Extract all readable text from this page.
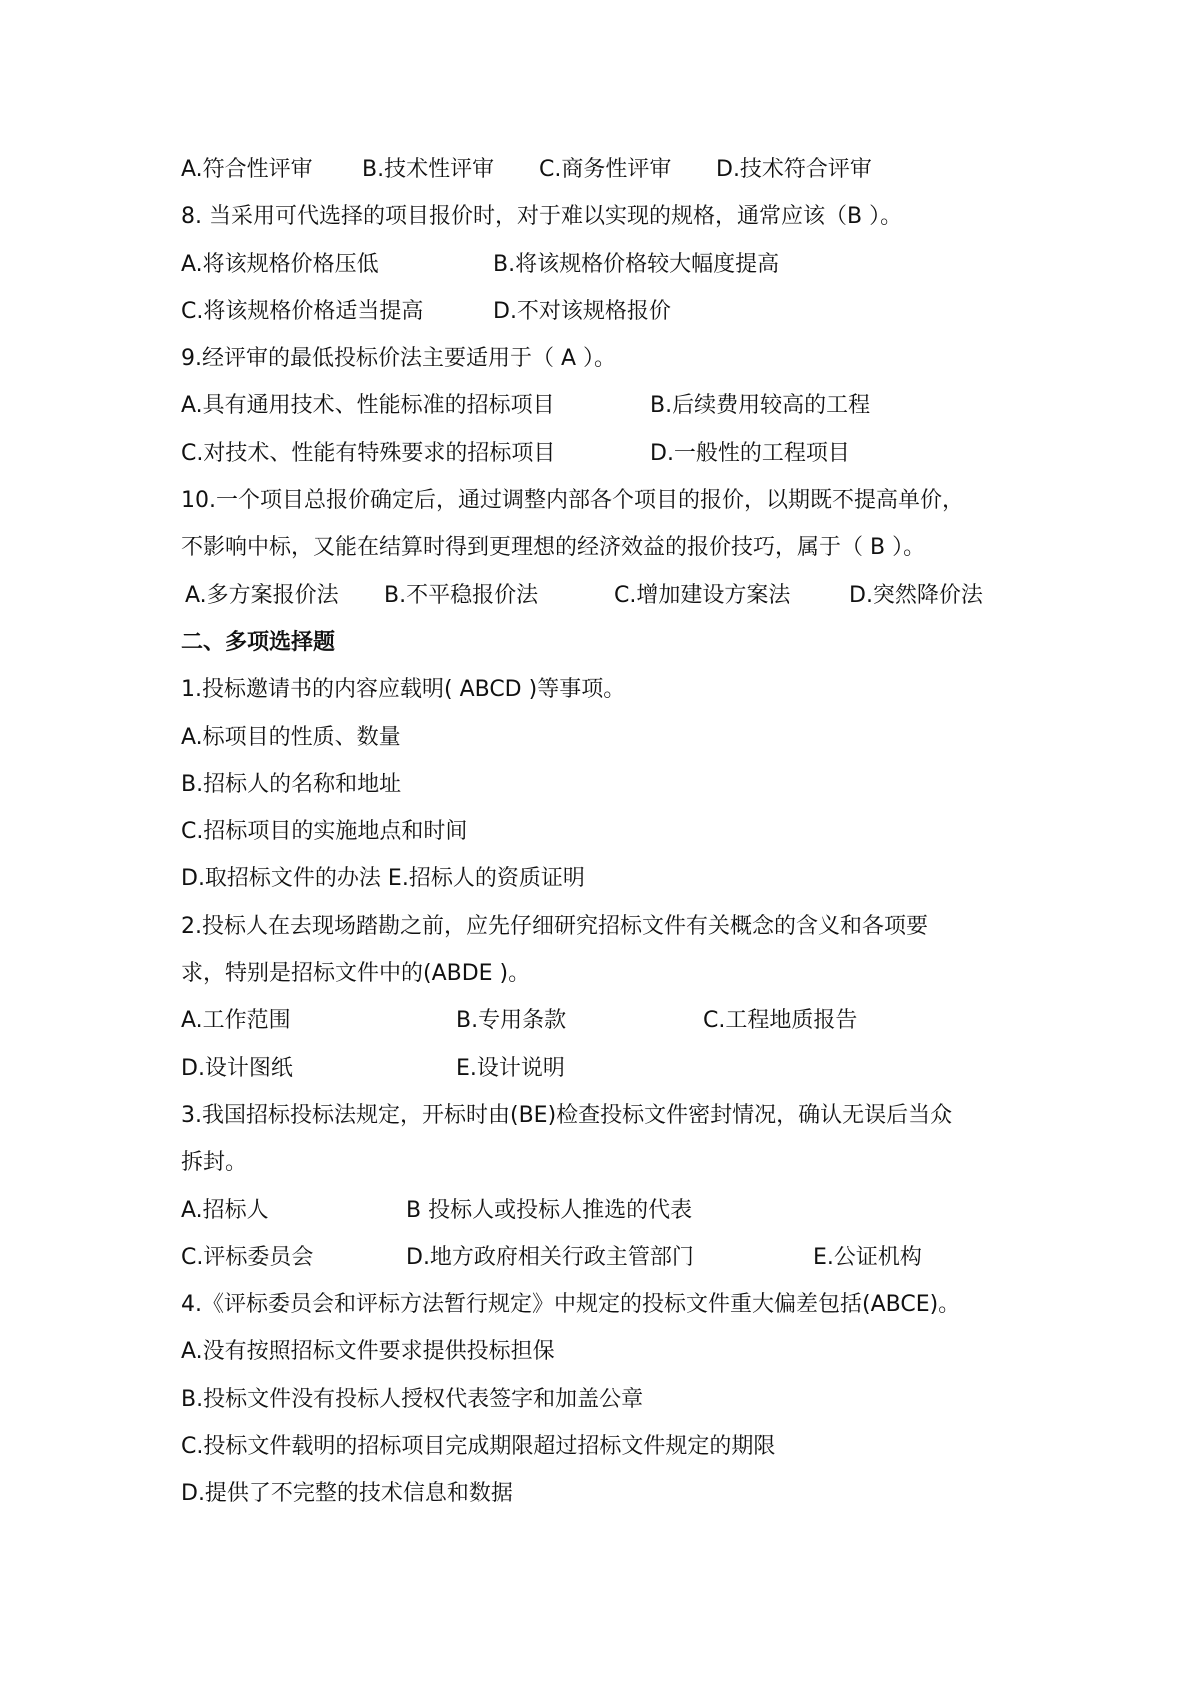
A.符合性评审 B.技术性评审 C.商务性评审 D.技术符合评审
8. 当采用可代选择的项目报价时，对于难以实现的规格，通常应该（B ）。
A.将该规格价格压低	B.将该规格价格较大幅度提高
C.将该规格价格适当提高	D.不对该规格报价
9.经评审的最低投标价法主要适用于（ A ）。
A.具有通用技术、性能标准的招标项目	B.后续费用较高的工程
C.对技术、性能有特殊要求的招标项目	D.一般性的工程项目
10.一个项目总报价确定后，通过调整内部各个项目的报价，以期既不提高单价，
不影响中标，又能在结算时得到更理想的经济效益的报价技巧，属于（ B ）。
A.多方案报价法 B.不平稳报价法	C.增加建设方案法	D.突然降价法
二、多项选择题
1.投标邀请书的内容应载明( ABCD )等事项。
A.标项目的性质、数量
B.招标人的名称和地址
C.招标项目的实施地点和时间
D.取招标文件的办法 E.招标人的资质证明
2.投标人在去现场踏勘之前，应先仔细研究招标文件有关概念的含义和各项要
求，特别是招标文件中的(ABDE )。
A.工作范围	B.专用条款	C.工程地质报告
D.设计图纸	E.设计说明
3.我国招标投标法规定，开标时由(BE)检查投标文件密封情况，确认无误后当众
拆封。
A.招标人	B 投标人或投标人推选的代表
C.评标委员会	D.地方政府相关行政主管部门	E.公证机构
4.《评标委员会和评标方法暂行规定》中规定的投标文件重大偏差包括(ABCE)。
A.没有按照招标文件要求提供投标担保
B.投标文件没有投标人授权代表签字和加盖公章
C.投标文件载明的招标项目完成期限超过招标文件规定的期限
D.提供了不完整的技术信息和数据
